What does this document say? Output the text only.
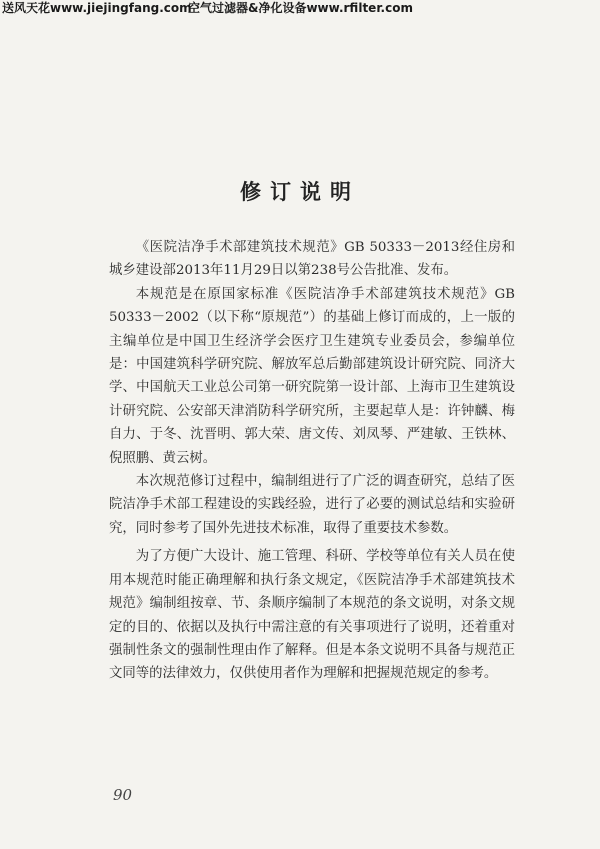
送风天花www.jiejingfang.com
空气过滤器&净化设备www.rfilter.com
修订说明

《医院洁净手术部建筑技术规范》GB 50333－2013经住房和城乡建设部2013年11月29日以第238号公告批准、发布。

本规范是在原国家标准《医院洁净手术部建筑技术规范》GB 50333－2002（以下称“原规范”）的基础上修订而成的，上一版的主编单位是中国卫生经济学会医疗卫生建筑专业委员会，参编单位是：中国建筑科学研究院、解放军总后勤部建筑设计研究院、同济大学、中国航天工业总公司第一研究院第一设计部、上海市卫生建筑设计研究院、公安部天津消防科学研究所，主要起草人是：许钟麟、梅自力、于冬、沈晋明、郭大荣、唐文传、刘凤琴、严建敏、王铁林、倪照鹏、黄云树。

本次规范修订过程中，编制组进行了广泛的调查研究，总结了医院洁净手术部工程建设的实践经验，进行了必要的测试总结和实验研究，同时参考了国外先进技术标准，取得了重要技术参数。

为了方便广大设计、施工管理、科研、学校等单位有关人员在使用本规范时能正确理解和执行条文规定，《医院洁净手术部建筑技术规范》编制组按章、节、条顺序编制了本规范的条文说明，对条文规定的目的、依据以及执行中需注意的有关事项进行了说明，还着重对强制性条文的强制性理由作了解释。但是本条文说明不具备与规范正文同等的法律效力，仅供使用者作为理解和把握规范规定的参考。

90
